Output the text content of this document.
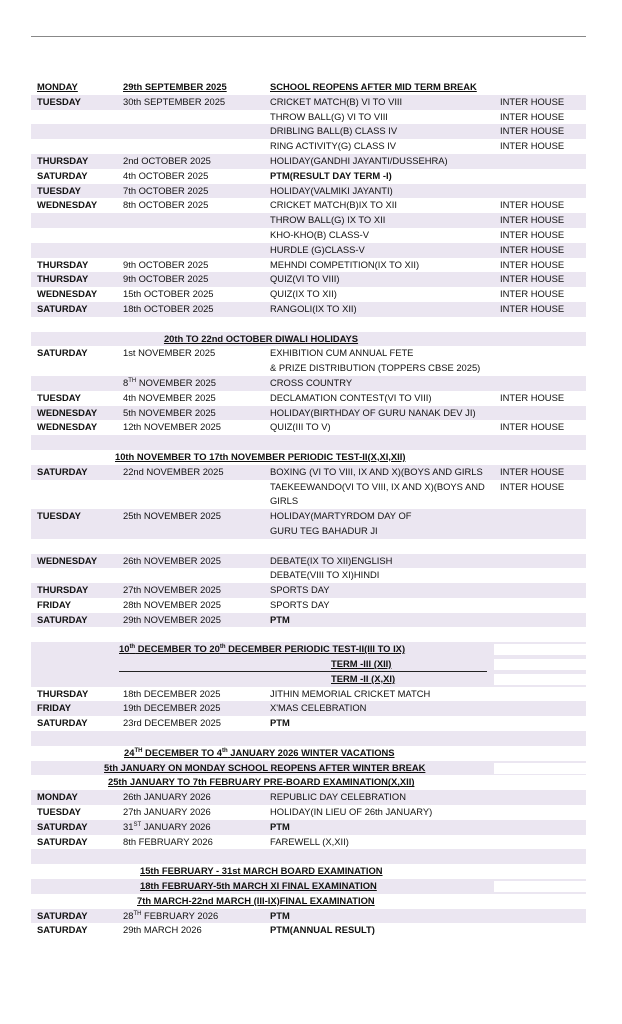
MONDAY	29th SEPTEMBER 2025	SCHOOL REOPENS AFTER MID TERM BREAK
TUESDAY	30th SEPTEMBER 2025	CRICKET MATCH(B) VI TO VIII	INTER HOUSE
THROW BALL(G) VI TO VIII	INTER HOUSE
DRIBLING BALL(B) CLASS IV	INTER HOUSE
RING ACTIVITY(G) CLASS IV	INTER HOUSE
THURSDAY	2nd OCTOBER 2025	HOLIDAY(GANDHI JAYANTI/DUSSEHRA)
SATURDAY	4th OCTOBER 2025	PTM(RESULT DAY TERM -I)
TUESDAY	7th OCTOBER 2025	HOLIDAY(VALMIKI JAYANTI)
WEDNESDAY	8th OCTOBER 2025	CRICKET MATCH(B)IX TO XII	INTER HOUSE
THROW BALL(G) IX TO XII	INTER HOUSE
KHO-KHO(B) CLASS-V	INTER HOUSE
HURDLE (G)CLASS-V	INTER HOUSE
THURSDAY	9th OCTOBER 2025	MEHNDI COMPETITION(IX TO XII)	INTER HOUSE
THURSDAY	9th OCTOBER 2025	QUIZ(VI TO VIII)	INTER HOUSE
WEDNESDAY	15th OCTOBER 2025	QUIZ(IX TO XII)	INTER HOUSE
SATURDAY	18th OCTOBER 2025	RANGOLI(IX TO XII)	INTER HOUSE
20th TO 22nd OCTOBER DIWALI HOLIDAYS
SATURDAY	1st NOVEMBER 2025	EXHIBITION CUM ANNUAL FETE
& PRIZE DISTRIBUTION (TOPPERS CBSE 2025)
8TH NOVEMBER 2025	CROSS COUNTRY
TUESDAY	4th NOVEMBER 2025	DECLAMATION CONTEST(VI TO VIII)	INTER HOUSE
WEDNESDAY	5th NOVEMBER 2025	HOLIDAY(BIRTHDAY OF GURU NANAK DEV JI)
WEDNESDAY	12th NOVEMBER 2025	QUIZ(III TO V)	INTER HOUSE
10th NOVEMBER TO 17th NOVEMBER PERIODIC TEST-II(X,XI,XII)
SATURDAY	22nd NOVEMBER 2025	BOXING (VI TO VIII, IX AND X)(BOYS AND GIRLS INTER HOUSE
TAEKEEWANDO(VI TO VIII, IX AND X)(BOYS AND GIRLS
INTER HOUSE
TUESDAY	25th NOVEMBER 2025	HOLIDAY(MARTYRDOM DAY OF
GURU TEG BAHADUR JI
WEDNESDAY	26th NOVEMBER 2025	DEBATE(IX TO XII)ENGLISH
DEBATE(VIII TO XI)HINDI
THURSDAY	27th NOVEMBER 2025	SPORTS DAY
FRIDAY	28th NOVEMBER 2025	SPORTS DAY
SATURDAY	29th NOVEMBER 2025	PTM
10th DECEMBER TO 20th DECEMBER PERIODIC TEST-II(III TO IX)
TERM -III (XII)
TERM -II (X,XI)
THURSDAY	18th DECEMBER 2025	JITHIN MEMORIAL CRICKET MATCH
FRIDAY	19th DECEMBER 2025	X'MAS CELEBRATION
SATURDAY	23rd DECEMBER 2025	PTM
24TH DECEMBER TO 4th JANUARY 2026 WINTER VACATIONS
5th JANUARY ON MONDAY SCHOOL REOPENS AFTER WINTER BREAK
25th JANUARY TO 7th FEBRUARY PRE-BOARD EXAMINATION(X,XII)
MONDAY	26th JANUARY 2026	REPUBLIC DAY CELEBRATION
TUESDAY	27th JANUARY 2026	HOLIDAY(IN LIEU OF 26th JANUARY)
SATURDAY	31ST JANUARY 2026	PTM
SATURDAY	8th FEBRUARY 2026	FAREWELL (X,XII)
15th FEBRUARY - 31st MARCH BOARD EXAMINATION
18th FEBRUARY-5th MARCH XI FINAL EXAMINATION
7th MARCH-22nd MARCH (III-IX)FINAL EXAMINATION
SATURDAY	28TH FEBRUARY 2026	PTM
SATURDAY	29th MARCH 2026	PTM(ANNUAL RESULT)
